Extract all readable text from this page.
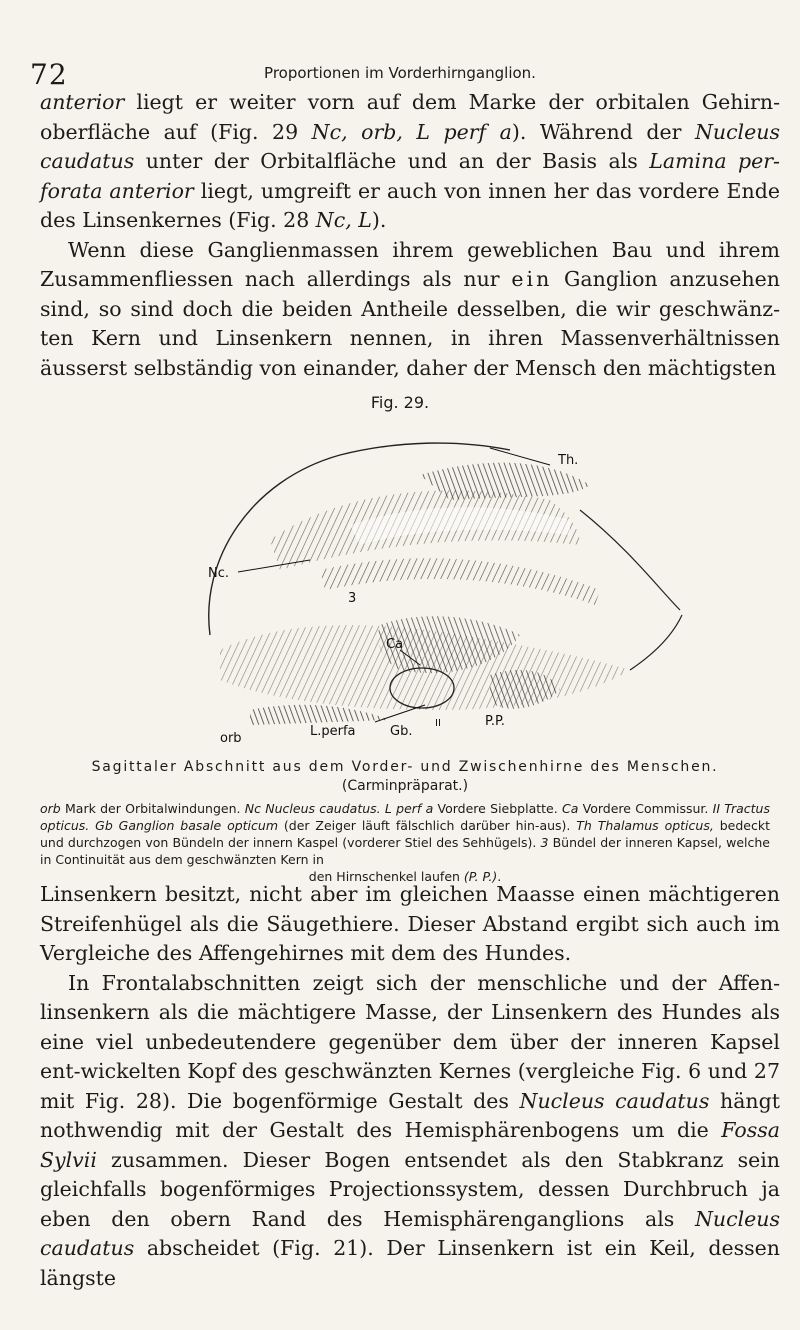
72	Proportionen im Vorderhirnganglion.

anterior liegt er weiter vorn auf dem Marke der orbitalen Gehirn-oberfläche auf (Fig. 29 Nc, orb, L perf a). Während der Nucleus caudatus unter der Orbitalfläche und an der Basis als Lamina per-forata anterior liegt, umgreift er auch von innen her das vordere Ende des Linsenkernes (Fig. 28 Nc, L).

Wenn diese Ganglienmassen ihrem geweblichen Bau und ihrem Zusammenfliessen nach allerdings als nur ein Ganglion anzusehen sind, so sind doch die beiden Antheile desselben, die wir geschwänz-ten Kern und Linsenkern nennen, in ihren Massenverhältnissen äusserst selbständig von einander, daher der Mensch den mächtigsten

Fig. 29.
Th.
Nc.
3
Ca
orb	L.perfa	Gb.
II	P.P.
Sagittaler Abschnitt aus dem Vorder- und Zwischenhirne des Menschen.
(Carminpräparat.)
orb Mark der Orbitalwindungen. Nc Nucleus caudatus. L perf a Vordere Siebplatte. Ca Vordere Commissur. II Tractus opticus. Gb Ganglion basale opticum (der Zeiger läuft fälschlich darüber hin-aus). Th Thalamus opticus, bedeckt und durchzogen von Bündeln der innern Kaspel (vorderer Stiel des Sehhügels). 3 Bündel der inneren Kapsel, welche in Continuität aus dem geschwänzten Kern in
den Hirnschenkel laufen (P. P.).

Linsenkern besitzt, nicht aber im gleichen Maasse einen mächtigeren Streifenhügel als die Säugethiere. Dieser Abstand ergibt sich auch im Vergleiche des Affengehirnes mit dem des Hundes.

In Frontalabschnitten zeigt sich der menschliche und der Affen-linsenkern als die mächtigere Masse, der Linsenkern des Hundes als eine viel unbedeutendere gegenüber dem über der inneren Kapsel ent-wickelten Kopf des geschwänzten Kernes (vergleiche Fig. 6 und 27 mit Fig. 28). Die bogenförmige Gestalt des Nucleus caudatus hängt nothwendig mit der Gestalt des Hemisphärenbogens um die Fossa Sylvii zusammen. Dieser Bogen entsendet als den Stabkranz sein gleichfalls bogenförmiges Projectionssystem, dessen Durchbruch ja eben den obern Rand des Hemisphärenganglions als Nucleus caudatus abscheidet (Fig. 21). Der Linsenkern ist ein Keil, dessen längste
